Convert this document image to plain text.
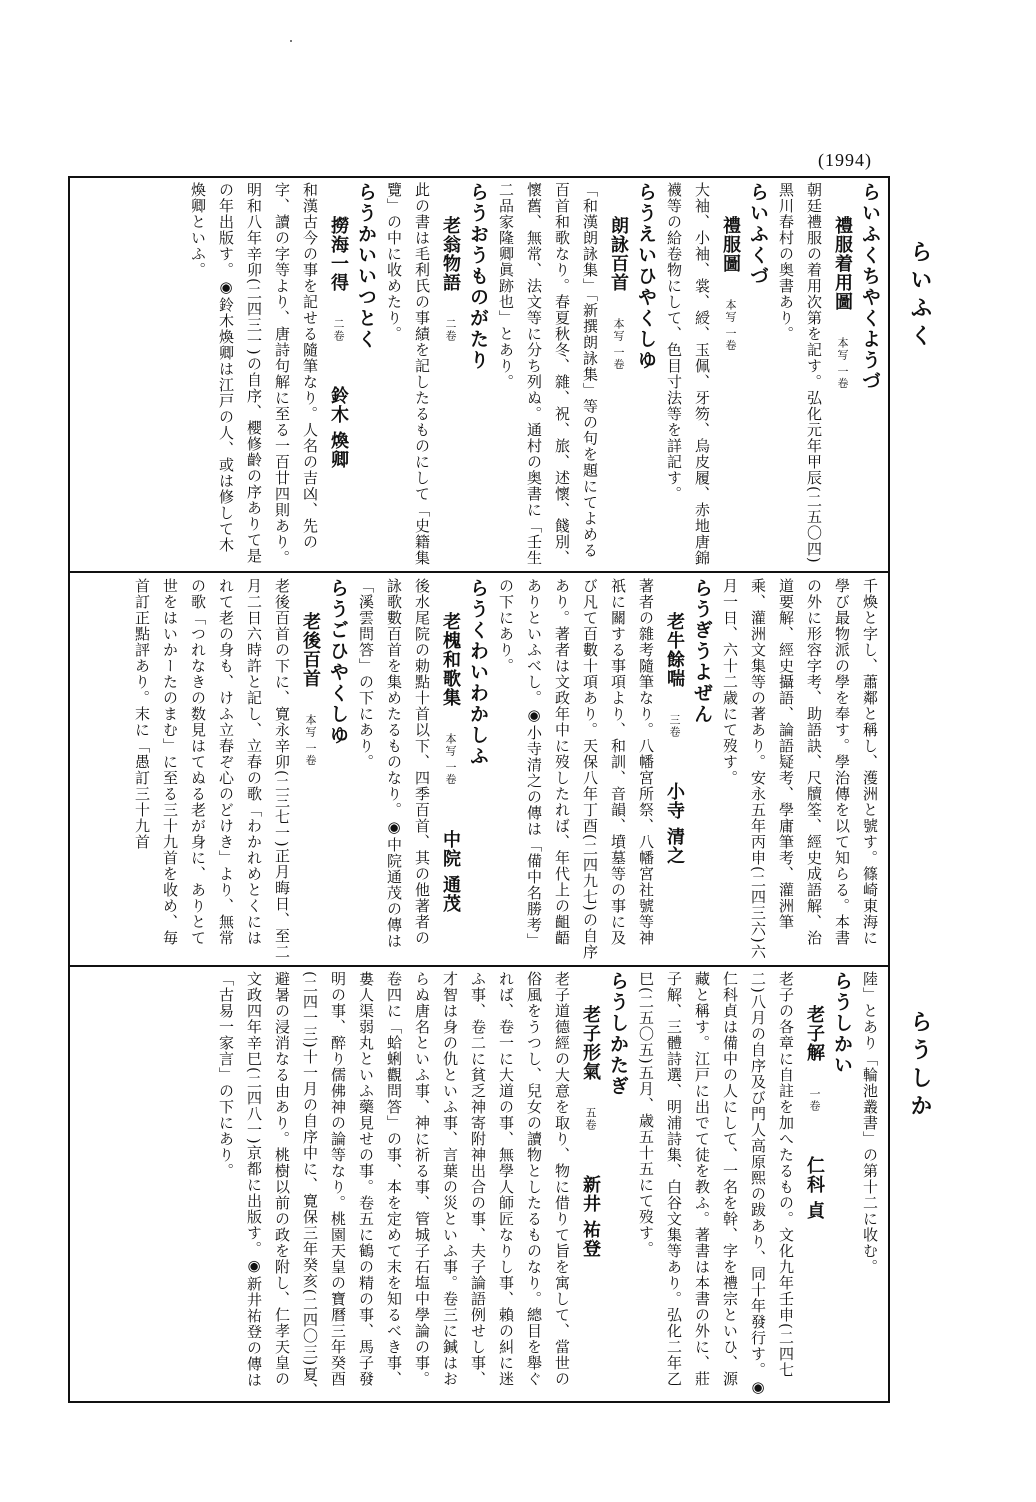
(1994)
らいふく
らうしか
らいふくちやくようづ
禮服着用圖本写 一卷
朝廷禮服の着用次第を記す。弘化元年甲辰(二五〇四)黑川春村の奥書あり。
らいふくづ
禮服圖本写 一卷
大袖、小袖、裳、綬、玉佩、牙笏、烏皮履、赤地唐錦襪等の給卷物にして、色目寸法等を詳記す。
らうえいひやくしゆ
朗詠百首本写 一卷
「和漢朗詠集」「新撰朗詠集」等の句を題にてよめる百首和歌なり。春夏秋冬、雜、祝、旅、述懷、餞別、懷舊、無常、法文等に分ち列ぬ。通村の奥書に「壬生二品家隆卿眞跡也」とあり。
らうおうものがたり
老翁物語二卷
此の書は毛利氏の事績を記したるものにして「史籍集覽」の中に收めたり。
らうかいいつとく
撈海一得二卷鈴木 煥卿
和漢古今の事を記せる隨筆なり。人名の吉凶、先の字、讀の字等より、唐詩句解に至る一百廿四則あり。明和八年辛卯(二四三一)の自序、櫻修齡の序ありて是の年出版す。◉鈴木煥卿は江戸の人、或は修して木煥卿といふ。
千煥と字し、蕭鄰と稱し、濩洲と號す。篠崎東海に學び最物派の學を奉す。學治傳を以て知らる。本書の外に形容字考、助語訣、尺牘筌、經史成語解、治道要解、經史攝語、論語疑考、學庸筆考、灌洲筆乘、灌洲文集等の著あり。安永五年丙申(二四三六)六月一日、六十二歳にて歿す。
らうぎうよぜん
老牛餘喘三卷小寺 清之
著者の雜考隨筆なり。八幡宮所祭、八幡宮社號等神祇に關する事項より、和訓、音韻、墳墓等の事に及び凡て百數十項あり。天保八年丁酉(二四九七)の自序あり。著者は文政年中に歿したれば、年代上の齟齬ありといふべし。◉小寺清之の傳は「備中名勝考」の下にあり。
らうくわいわかしふ
老槐和歌集本写 一卷中院 通茂
後水尾院の勅點十首以下、四季百首、其の他著者の詠歌數百首を集めたるものなり。◉中院通茂の傳は「溪雲問答」の下にあり。
らうごひやくしゆ
老後百首本写 一卷
老後百首の下に、寛永辛卯(二三七一)正月晦日、至二月二日六時許と記し、立春の歌「わかれめとくにはれて老の身も、けふ立春ぞ心のどけき」より、無常の歌「つれなきの数見はてぬる老が身に、ありとて世をはいかーたのまむ」に至る三十九首を收め、毎首訂正點評あり。末に「愚訂三十九首
陸」とあり「輪池叢書」の第十二に收む。
らうしかい
老子解一卷仁科 貞
老子の各章に自註を加へたるもの。文化九年壬申(二四七二)八月の自序及び門人高原熙の跋あり、同十年發行す。◉仁科貞は備中の人にして、一名を幹、字を禮宗といひ、源藏と稱す。江戸に出でて徒を教ふ。著書は本書の外に、莊子解、三體詩選、明浦詩集、白谷文集等あり。弘化二年乙巳(二五〇五)五月、歳五十五にて歿す。
らうしかたぎ
老子形氣五卷新井 祐登
老子道德經の大意を取り、物に借りて旨を寓して、當世の俗風をうつし、兒女の讀物としたるものなり。總目を舉ぐれば、卷一に大道の事、無學人師匠なりし事、賴の糾に迷ふ事、卷二に貧乏神寄附神出合の事、夫子論語例せし事、才智は身の仇といふ事、言葉の災といふ事。卷三に鍼はおらぬ唐名といふ事、神に祈る事、管城子石塩中學論の事。卷四に「蛤蜊觀問答」の事、本を定めて末を知るべき事、婁人渠弱丸といふ藥見せの事。卷五に鶴の精の事、馬子發明の事、醉り儒佛神の論等なり。桃園天皇の寶曆三年癸酉(二四一三)十一月の自序中に、寛保三年癸亥(二四〇三)夏、避暑の浸消なる由あり。桃樹以前の政を附し、仁孝天皇の文政四年辛巳(二四八一)京都に出版す。◉新井祐登の傳は「古易一家言」の下にあり。
